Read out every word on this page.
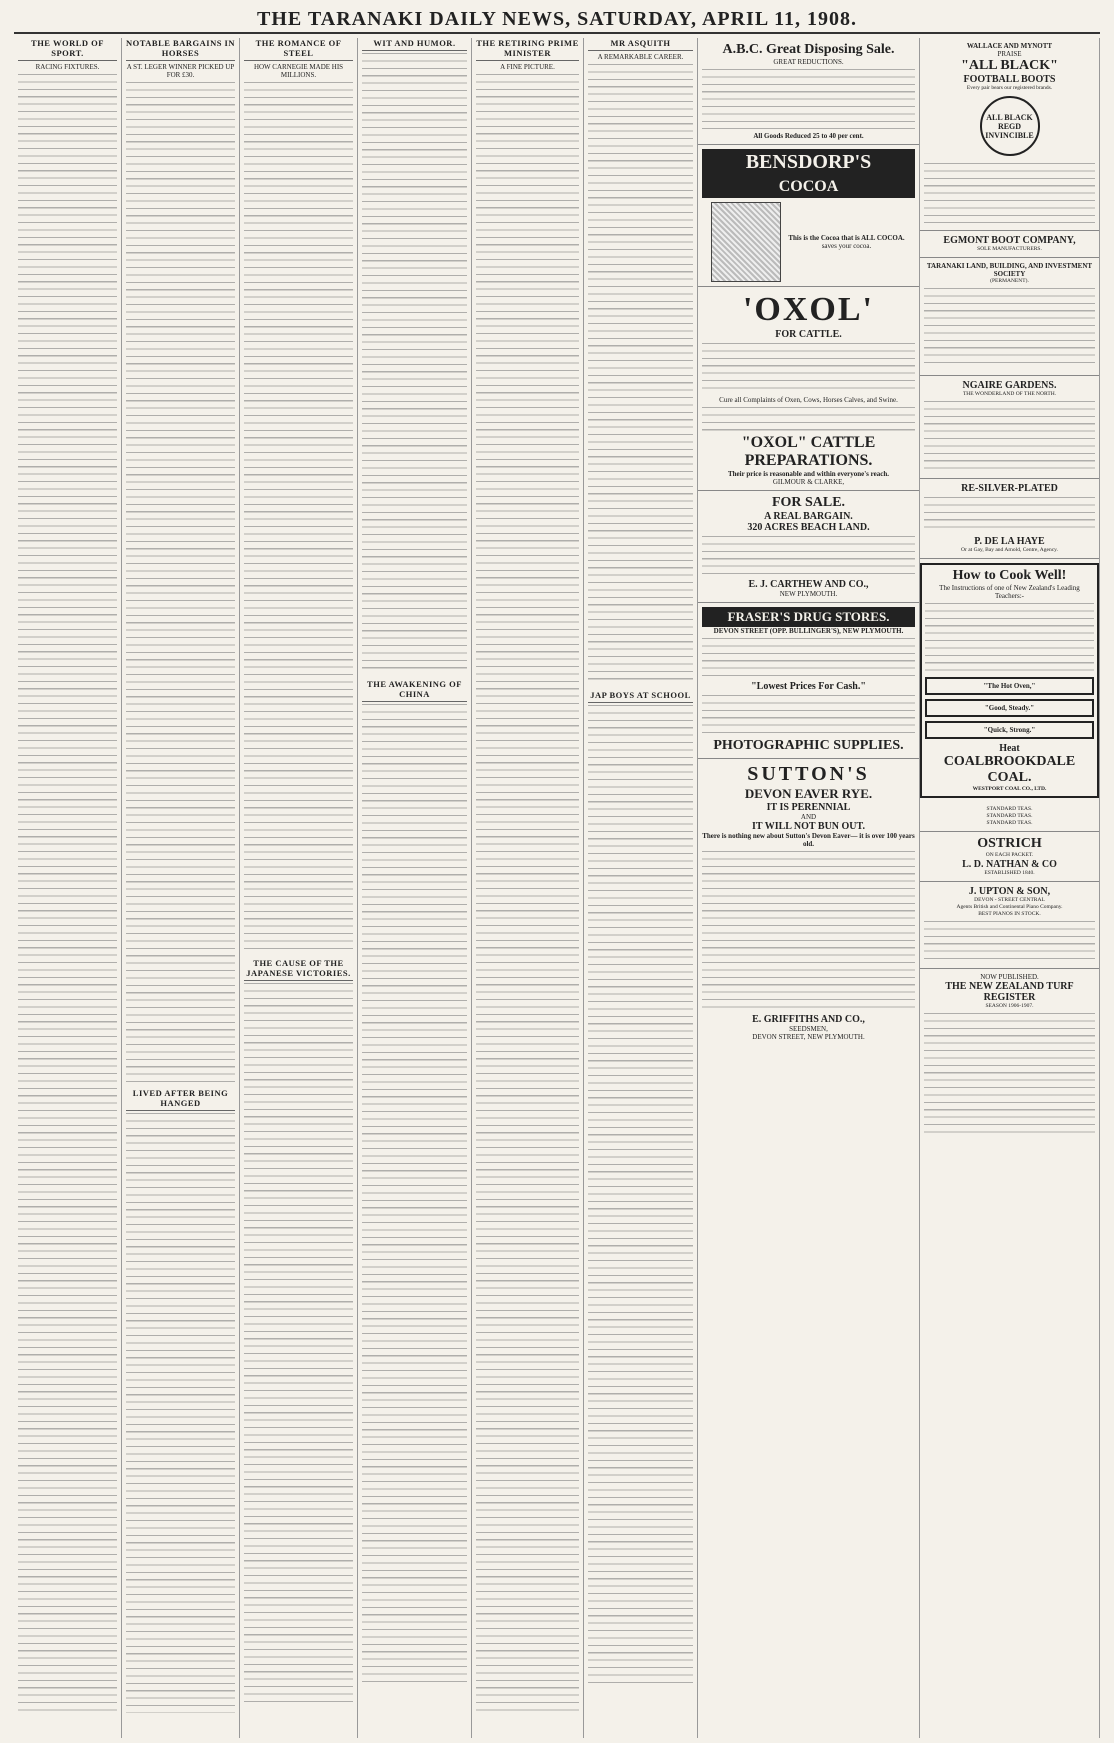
THE TARANAKI DAILY NEWS, SATURDAY, APRIL 11, 1908.
THE WORLD OF SPORT.
RACING FIXTURES.
NOTABLE BARGAINS IN HORSES
A ST. LEGER WINNER PICKED UP FOR £30.
LIVED AFTER BEING HANGED
THE ROMANCE OF STEEL
HOW CARNEGIE MADE HIS MILLIONS.
THE CAUSE OF THE JAPANESE VICTORIES.
WIT AND HUMOR.
THE AWAKENING OF CHINA
THE RETIRING PRIME MINISTER
A FINE PICTURE.
MR ASQUITH
A REMARKABLE CAREER.
JAP BOYS AT SCHOOL
A.B.C. Great Disposing Sale.
GREAT REDUCTIONS.
All Goods Reduced 25 to 40 per cent.
BENSDORP'S
COCOA
This is the Cocoa that is ALL COCOA.
saves your cocoa.
'OXOL'
FOR CATTLE.
Cure all Complaints of Oxen, Cows, Horses Calves, and Swine.
"OXOL" CATTLE PREPARATIONS.
Their price is reasonable and within everyone's reach.
GILMOUR & CLARKE,
FOR SALE.
A REAL BARGAIN.
320 ACRES BEACH LAND.
E. J. CARTHEW AND CO.,
NEW PLYMOUTH.
FRASER'S DRUG STORES.
DEVON STREET (OPP. BULLINGER'S), NEW PLYMOUTH.
"Lowest Prices For Cash."
PHOTOGRAPHIC SUPPLIES.
SUTTON'S
DEVON EAVER RYE.
IT IS PERENNIAL
AND
IT WILL NOT BUN OUT.
There is nothing new about Sutton's Devon Eaver— it is over 100 years old.
E. GRIFFITHS AND CO.,
SEEDSMEN,
DEVON STREET, NEW PLYMOUTH.
WALLACE AND MYNOTT
PRAISE
"ALL BLACK"
FOOTBALL BOOTS
Every pair bears our registered brands.
ALL BLACK REGD INVINCIBLE
EGMONT BOOT COMPANY,
SOLE MANUFACTURERS.
TARANAKI LAND, BUILDING, AND INVESTMENT SOCIETY
(PERMANENT).
NGAIRE GARDENS.
THE WONDERLAND OF THE NORTH.
RE-SILVER-PLATED
P. DE LA HAYE
Or at Gay, Bay and Arnold, Centre, Agency.
How to Cook Well!
The Instructions of one of New Zealand's Leading Teachers:-
"The Hot Oven,"
"Good, Steady."
"Quick, Strong."
Heat
COALBROOKDALE COAL.
WESTPORT COAL CO., LTD.
STANDARD TEAS.
STANDARD TEAS.
STANDARD TEAS.
OSTRICH
ON EACH PACKET.
L. D. NATHAN & CO
ESTABLISHED 1840.
J. UPTON & SON,
DEVON - STREET CENTRAL
Agents British and Continental Piano Company.
BEST PIANOS IN STOCK.
NOW PUBLISHED.
THE NEW ZEALAND TURF REGISTER
SEASON 1906-1907.
